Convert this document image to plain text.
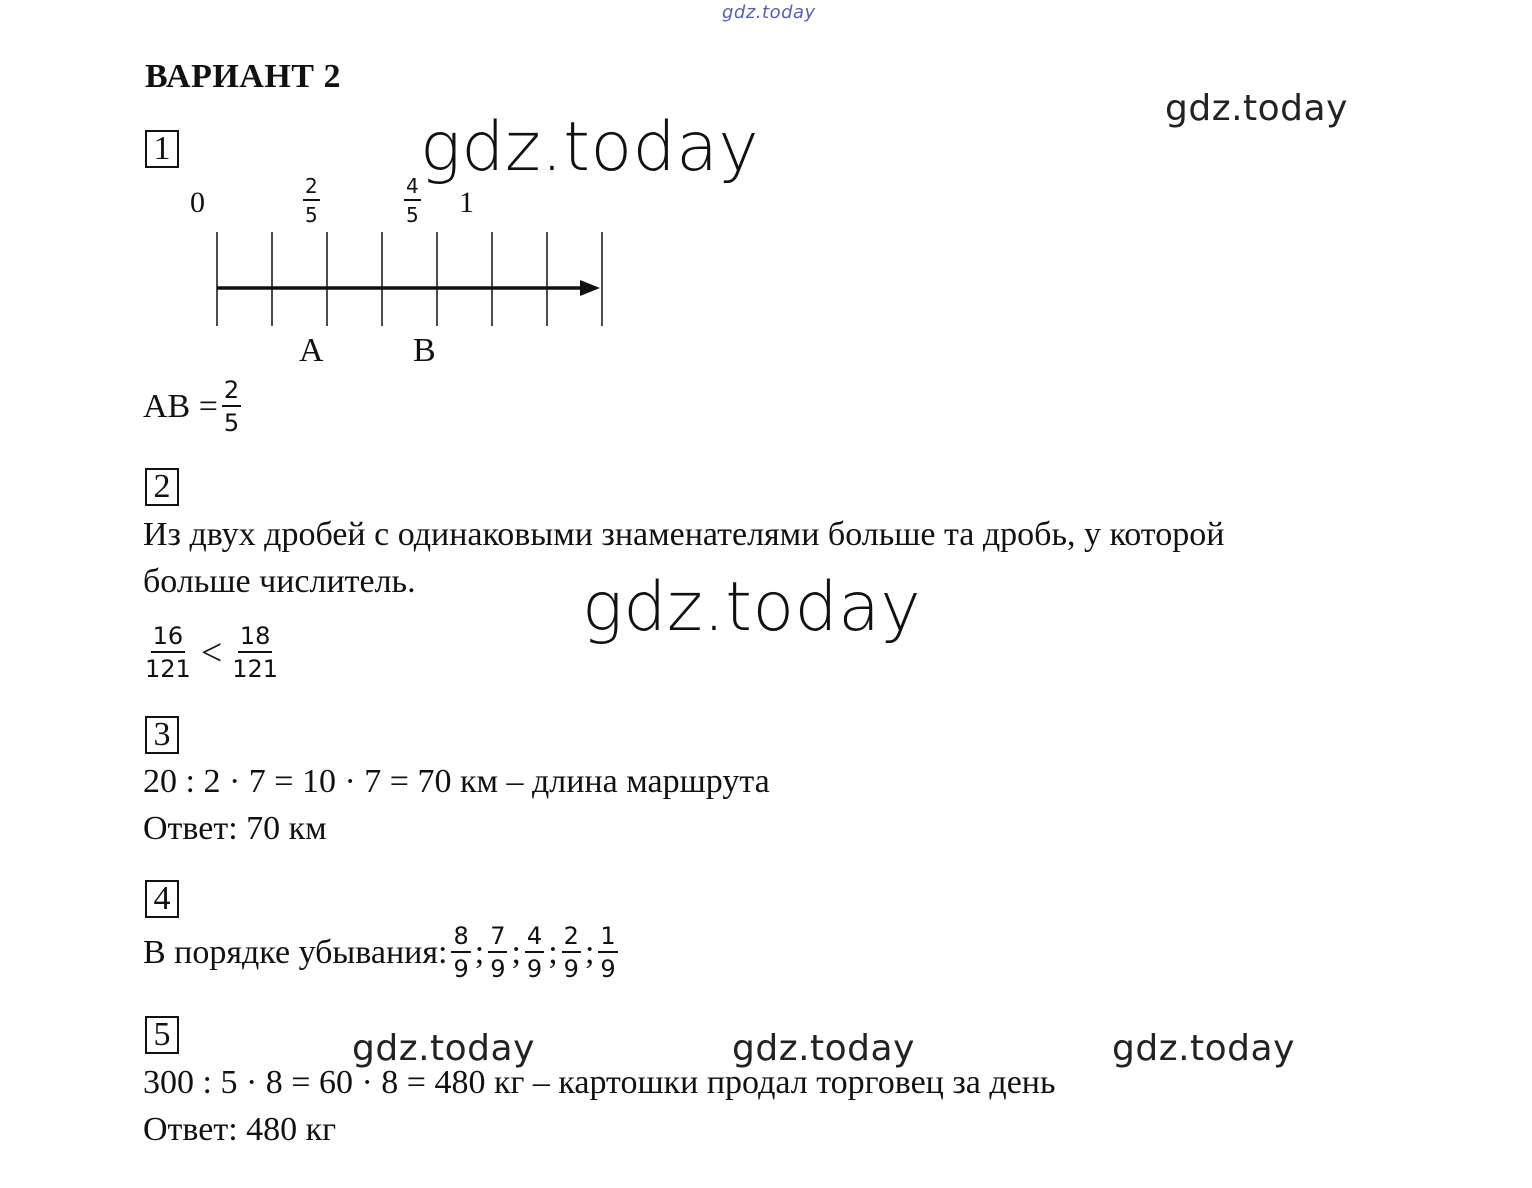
gdz.today
gdz.today
gdz.today
ВАРИАНТ 2
1
0	$\frac{2}{5}$	$\frac{4}{5} 1$
A	B
AB = $\frac{2}{5}$
2
Из двух дробей с одинаковыми знаменателями больше та дробь, у которой
больше числитель. gdz.today
$\frac{16}{121} < \frac{18}{121}$
3
20 : 2 · 7 = 10 · 7 = 70 км – длина маршрута
Ответ: 70 км
4
В порядке убывания: $\frac{8}{9}$ ; $\frac{7}{9}$ ; $\frac{4}{9}$ ; $\frac{2}{9}$ ; $\frac{1}{9}$
5	gdz.today	gdz.today	gdz.today
300 : 5 · 8 = 60 · 8 = 480 кг – картошки продал торговец за день
Ответ: 480 кг
